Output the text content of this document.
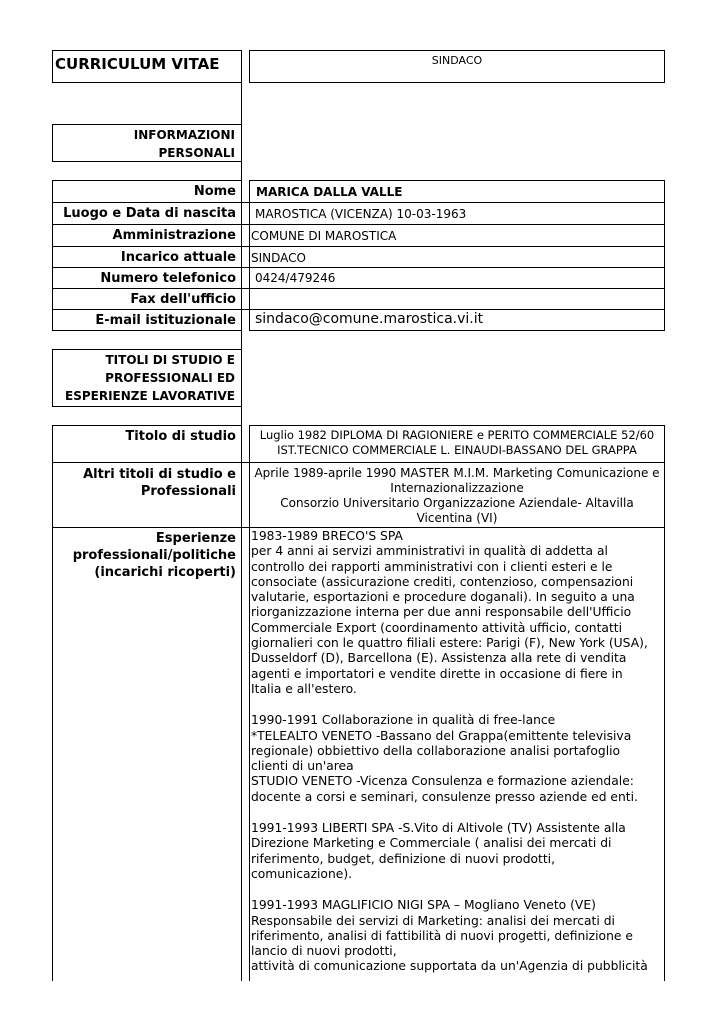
CURRICULUM VITAE	SINDACO
INFORMAZIONI
PERSONALI
Nome
Luogo e Data di nascita
Amministrazione
Incarico attuale
Numero telefonico
Fax dell'ufficio
E-mail istituzionale
MARICA DALLA VALLE
MAROSTICA (VICENZA) 10-03-1963
COMUNE DI MAROSTICA
SINDACO
0424/479246
sindaco@comune.marostica.vi.it
TITOLI DI STUDIO E
PROFESSIONALI ED
ESPERIENZE LAVORATIVE
Titolo di studio	Luglio 1982 DIPLOMA DI RAGIONIERE e PERITO COMMERCIALE 52/60
IST.TECNICO COMMERCIALE L. EINAUDI-BASSANO DEL GRAPPA
Altri titoli di studio e
Professionali
Aprile 1989-aprile 1990 MASTER M.I.M. Marketing Comunicazione e
Internazionalizzazione
Consorzio Universitario Organizzazione Aziendale- Altavilla
Vicentina (VI)
Esperienze
professionali/politiche
(incarichi ricoperti)

1983-1989 BRECO'S SPA

per 4 anni ai servizi amministrativi in qualità di addetta al

controllo dei rapporti amministrativi con i clienti esteri e le

consociate (assicurazione crediti, contenzioso, compensazioni

valutarie, esportazioni e procedure doganali). In seguito a una

riorganizzazione interna per due anni responsabile dell'Ufficio

Commerciale Export (coordinamento attività ufficio, contatti

giornalieri con le quattro filiali estere: Parigi (F), New York (USA),

Dusseldorf (D), Barcellona (E). Assistenza alla rete di vendita

agenti e importatori e vendite dirette in occasione di fiere in

Italia e all'estero.

1990-1991 Collaborazione in qualità di free-lance

*TELEALTO VENETO -Bassano del Grappa(emittente televisiva

regionale) obbiettivo della collaborazione analisi portafoglio

clienti di un'area

STUDIO VENETO -Vicenza Consulenza e formazione aziendale:

docente a corsi e seminari, consulenze presso aziende ed enti.

1991-1993 LIBERTI SPA -S.Vito di Altivole (TV) Assistente alla

Direzione Marketing e Commerciale ( analisi dei mercati di

riferimento, budget, definizione di nuovi prodotti,

comunicazione).

1991-1993 MAGLIFICIO NIGI SPA – Mogliano Veneto (VE)

Responsabile dei servizi di Marketing: analisi dei mercati di

riferimento, analisi di fattibilità di nuovi progetti, definizione e

lancio di nuovi prodotti,

attività di comunicazione supportata da un'Agenzia di pubblicità
